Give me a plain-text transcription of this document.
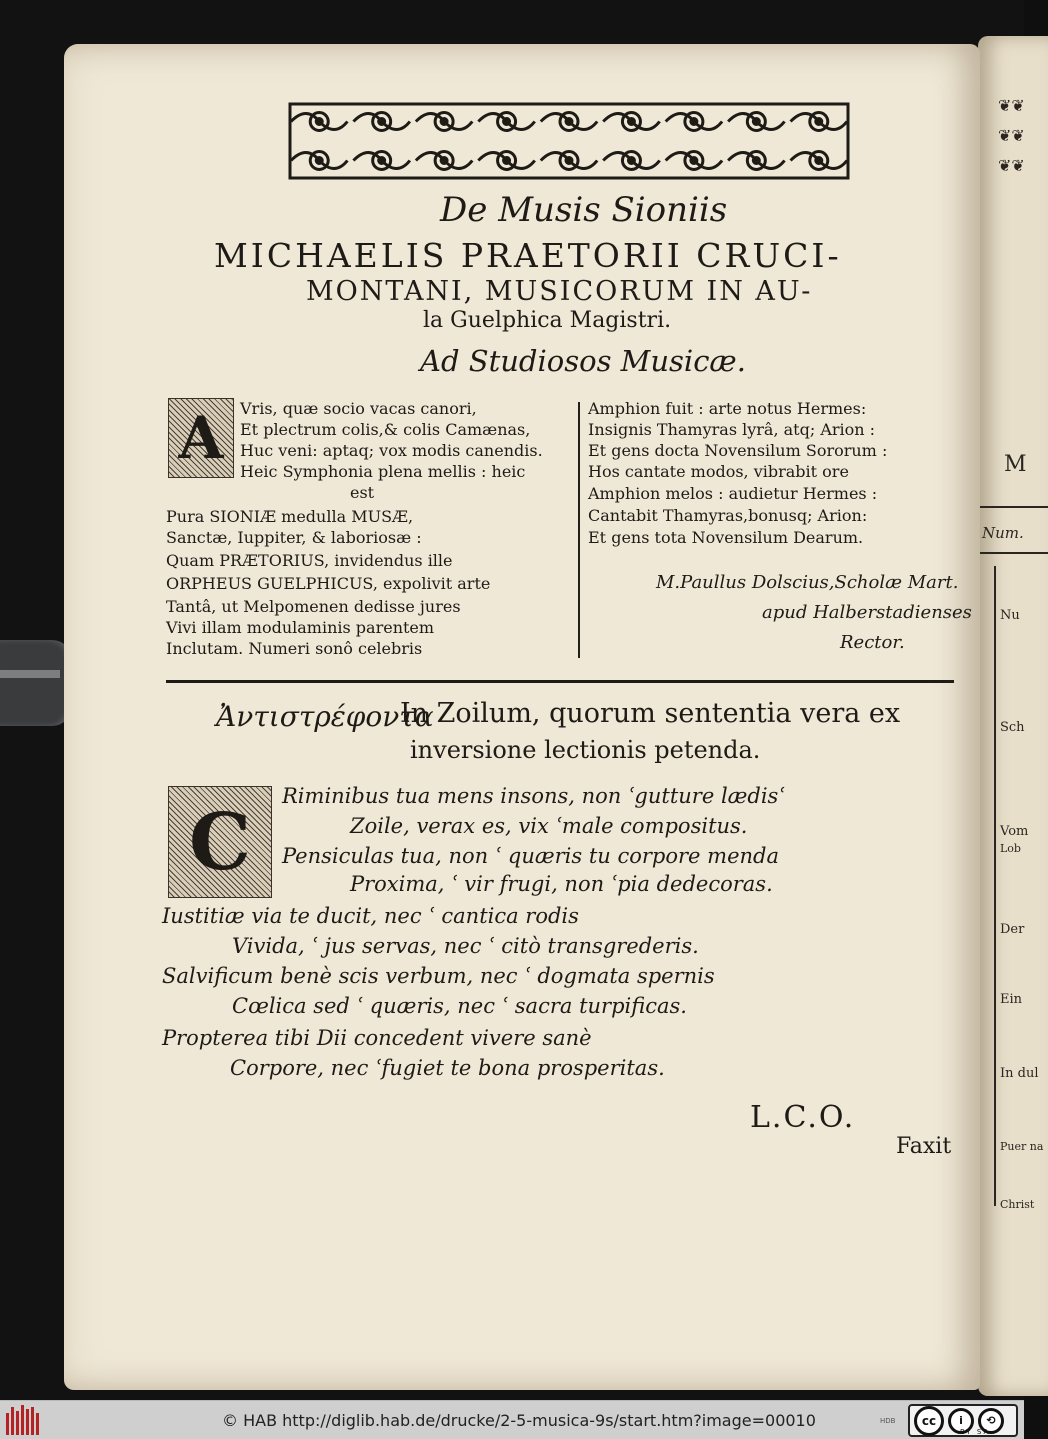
❦❦
❦❦
❦❦
M
Num.
Nu
Sch
Vom
Lob
Der
Ein
In dul
Puer na
Christ
De Musis Sioniis
MICHAELIS PRAETORII CRUCI-
MONTANI, MUSICORUM IN AU-
la Guelphica Magistri.
Ad Studiosos Musicæ.
A	Vris, quæ socio vacas canori,
Et plectrum colis,& colis Camænas,
Huc veni: aptaq; vox modis canendis.
Heic Symphonia plena mellis : heic
est
Pura SIONIÆ medulla MUSÆ,
Sanctæ, Iuppiter, & laboriosæ :
Quam PRÆTORIUS, invidendus ille
ORPHEUS GUELPHICUS, expolivit arte
Tantâ, ut Melpomenen dedisse jures
Vivi illam modulaminis parentem
Inclutam. Numeri sonô celebris
Amphion fuit : arte notus Hermes:
Insignis Thamyras lyrâ, atq; Arion :
Et gens docta Novensilum Sororum :
Hos cantate modos, vibrabit ore
Amphion melos : audietur Hermes :
Cantabit Thamyras,bonusq; Arion:
Et gens tota Novensilum Dearum.
M.Paullus Dolscius,Scholæ Mart.
apud Halberstadienses
Rector.
Ἀντιστρέφοντα
In Zoilum, quorum sententia vera ex
inversione lectionis petenda.
C
Riminibus tua mens insons, non ʿgutture lædisʿ
Zoile, verax es, vix ʿmale compositus.
Pensiculas tua, non ʿ quæris tu corpore menda
Proxima, ʿ vir frugi, non ʿpia dedecoras.
Iustitiæ via te ducit, nec ʿ cantica rodis
Vivida, ʿ jus servas, nec ʿ citò transgrederis.
Salvificum benè scis verbum, nec ʿ dogmata spernis
Cœlica sed ʿ quæris, nec ʿ sacra turpificas.
Propterea tibi Dii concedent vivere sanè
Corpore, nec ʿfugiet te bona prosperitas.
L.C.O.
Faxit
© HAB http://diglib.hab.de/drucke/2-5-musica-9s/start.htm?image=00010	HDB	cc	i	⟲
BY SA
